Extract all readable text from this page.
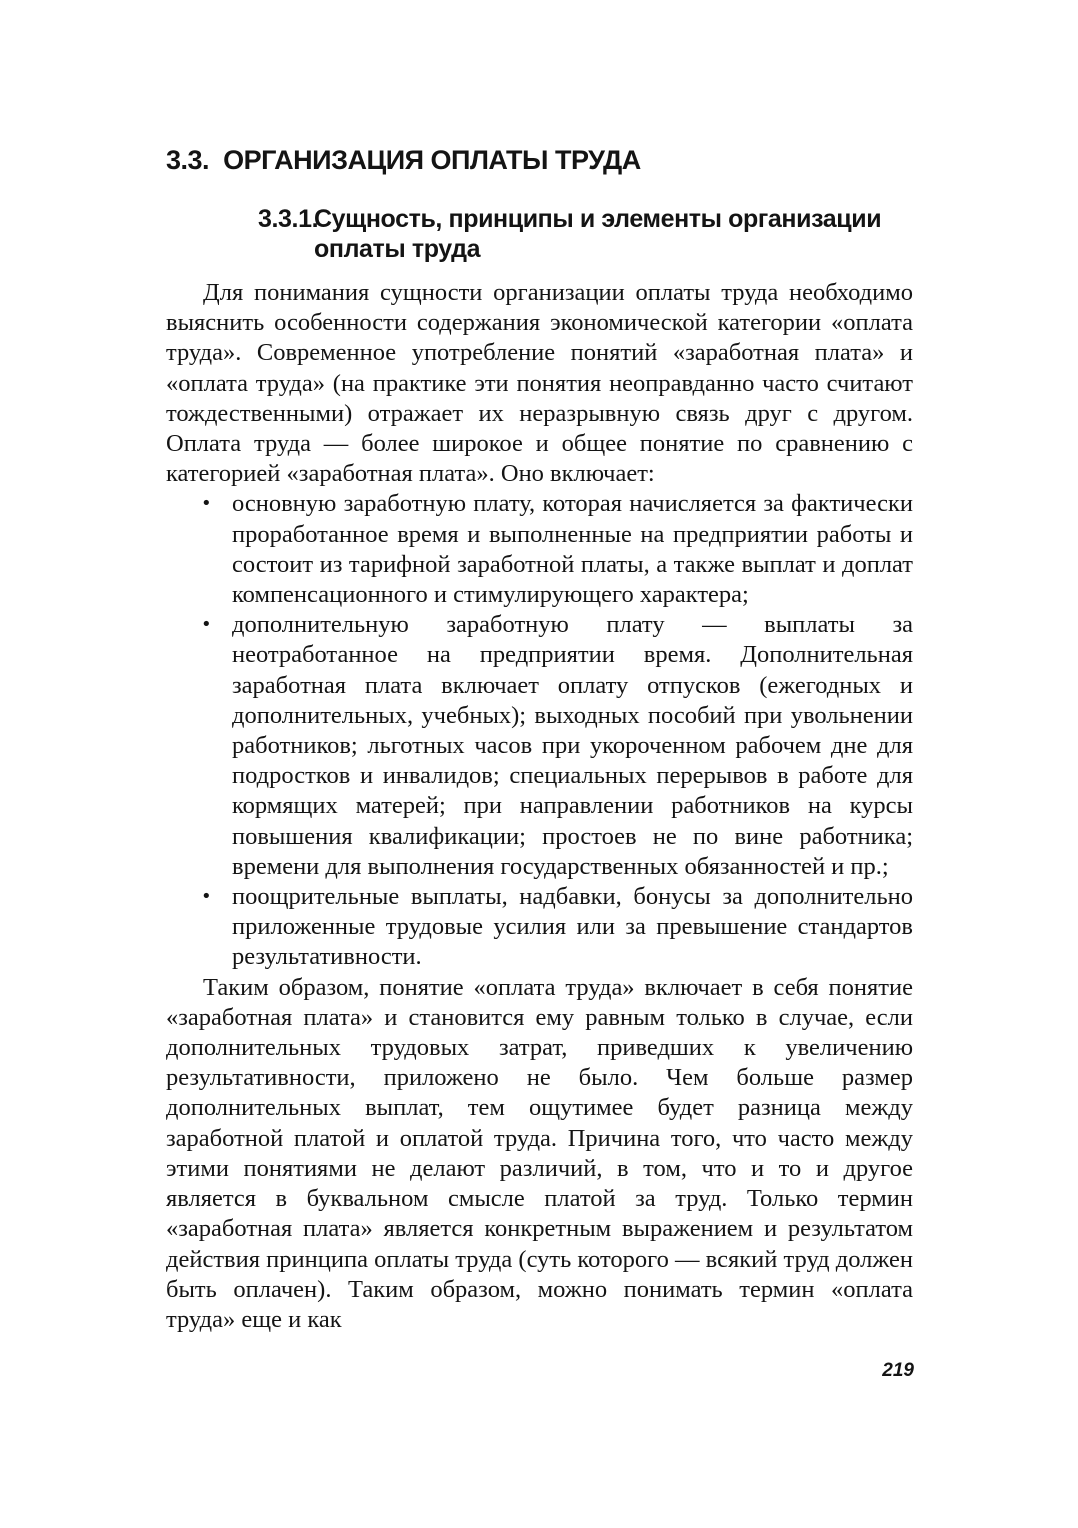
3.3. ОРГАНИЗАЦИЯ ОПЛАТЫ ТРУДА
3.3.1.Сущность, принципы и элементы организации
оплаты труда

Для понимания сущности организации оплаты труда необходимо выяснить особенности содержания экономической категории «оплата труда». Современное употребление понятий «заработная плата» и «оплата труда» (на практике эти понятия неоправданно часто считают тождественными) отражает их неразрывную связь друг с другом. Оплата труда — более широкое и общее понятие по сравнению с категорией «заработная плата». Оно включает:

• основную заработную плату, которая начисляется за фактически проработанное время и выполненные на предприятии работы и состоит из тарифной заработной платы, а также выплат и доплат компенсационного и стимулирующего характера;
• дополнительную заработную плату — выплаты за неотработанное на предприятии время. Дополнительная заработная плата включает оплату отпусков (ежегодных и дополнительных, учебных); выходных пособий при увольнении работников; льготных часов при укороченном рабочем дне для подростков и инвалидов; специальных перерывов в работе для кормящих матерей; при направлении работников на курсы повышения квалификации; простоев не по вине работника; времени для выполнения государственных обязанностей и пр.;
• поощрительные выплаты, надбавки, бонусы за дополнительно приложенные трудовые усилия или за превышение стандартов результативности.

Таким образом, понятие «оплата труда» включает в себя понятие «заработная плата» и становится ему равным только в случае, если дополнительных трудовых затрат, приведших к увеличению результативности, приложено не было. Чем больше размер дополнительных выплат, тем ощутимее будет разница между заработной платой и оплатой труда. Причина того, что часто между этими понятиями не делают различий, в том, что и то и другое является в буквальном смысле платой за труд. Только термин «заработная плата» является конкретным выражением и результатом действия принципа оплаты труда (суть которого — всякий труд должен быть оплачен). Таким образом, можно понимать термин «оплата труда» еще и как

219
